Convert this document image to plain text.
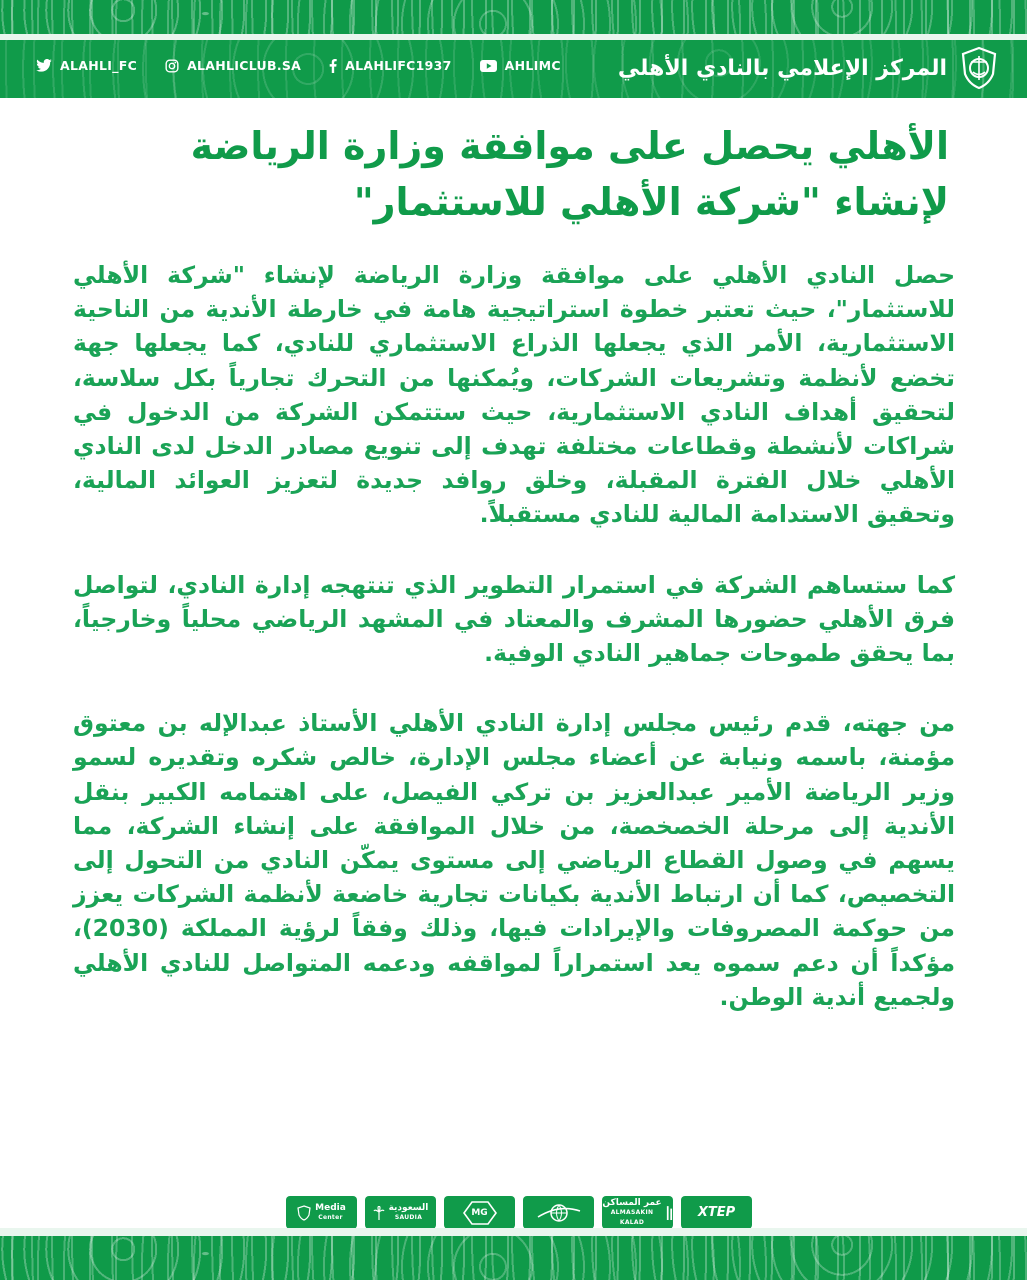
ALAHLI_FC	ALAHLICLUB.SA	ALAHLIFC1937	AHLIMC	المركز الإعلامي بالنادي الأهلي
الأهلي يحصل على موافقة وزارة الرياضة
لإنشاء "شركة الأهلي للاستثمار"

حصل النادي الأهلي على موافقة وزارة الرياضة لإنشاء "شركة الأهلي للاستثمار"، حيث تعتبر خطوة استراتيجية هامة في خارطة الأندية من الناحية الاستثمارية، الأمر الذي يجعلها الذراع الاستثماري للنادي، كما يجعلها جهة تخضع لأنظمة وتشريعات الشركات، ويُمكنها من التحرك تجارياً بكل سلاسة، لتحقيق أهداف النادي الاستثمارية، حيث ستتمكن الشركة من الدخول في شراكات لأنشطة وقطاعات مختلفة تهدف إلى تنويع مصادر الدخل لدى النادي الأهلي خلال الفترة المقبلة، وخلق روافد جديدة لتعزيز العوائد المالية، وتحقيق الاستدامة المالية للنادي مستقبلاً.

كما ستساهم الشركة في استمرار التطوير الذي تنتهجه إدارة النادي، لتواصل فرق الأهلي حضورها المشرف والمعتاد في المشهد الرياضي محلياً وخارجياً، بما يحقق طموحات جماهير النادي الوفية.

من جهته، قدم رئيس مجلس إدارة النادي الأهلي الأستاذ عبدالإله بن معتوق مؤمنة، باسمه ونيابة عن أعضاء مجلس الإدارة، خالص شكره وتقديره لسمو وزير الرياضة الأمير عبدالعزيز بن تركي الفيصل، على اهتمامه الكبير بنقل الأندية إلى مرحلة الخصخصة، من خلال الموافقة على إنشاء الشركة، مما يسهم في وصول القطاع الرياضي إلى مستوى يمكّن النادي من التحول إلى التخصيص، كما أن ارتباط الأندية بكيانات تجارية خاضعة لأنظمة الشركات يعزز من حوكمة المصروفات والإيرادات فيها، وذلك وفقاً لرؤية المملكة (2030)، مؤكداً أن دعم سموه يعد استمراراً لمواقفه ودعمه المتواصل للنادي الأهلي ولجميع أندية الوطن.

Media
Center
السعودية
SAUDIA	MG
عمر المساكن
ALMASAKIN KALAD
XTEP
